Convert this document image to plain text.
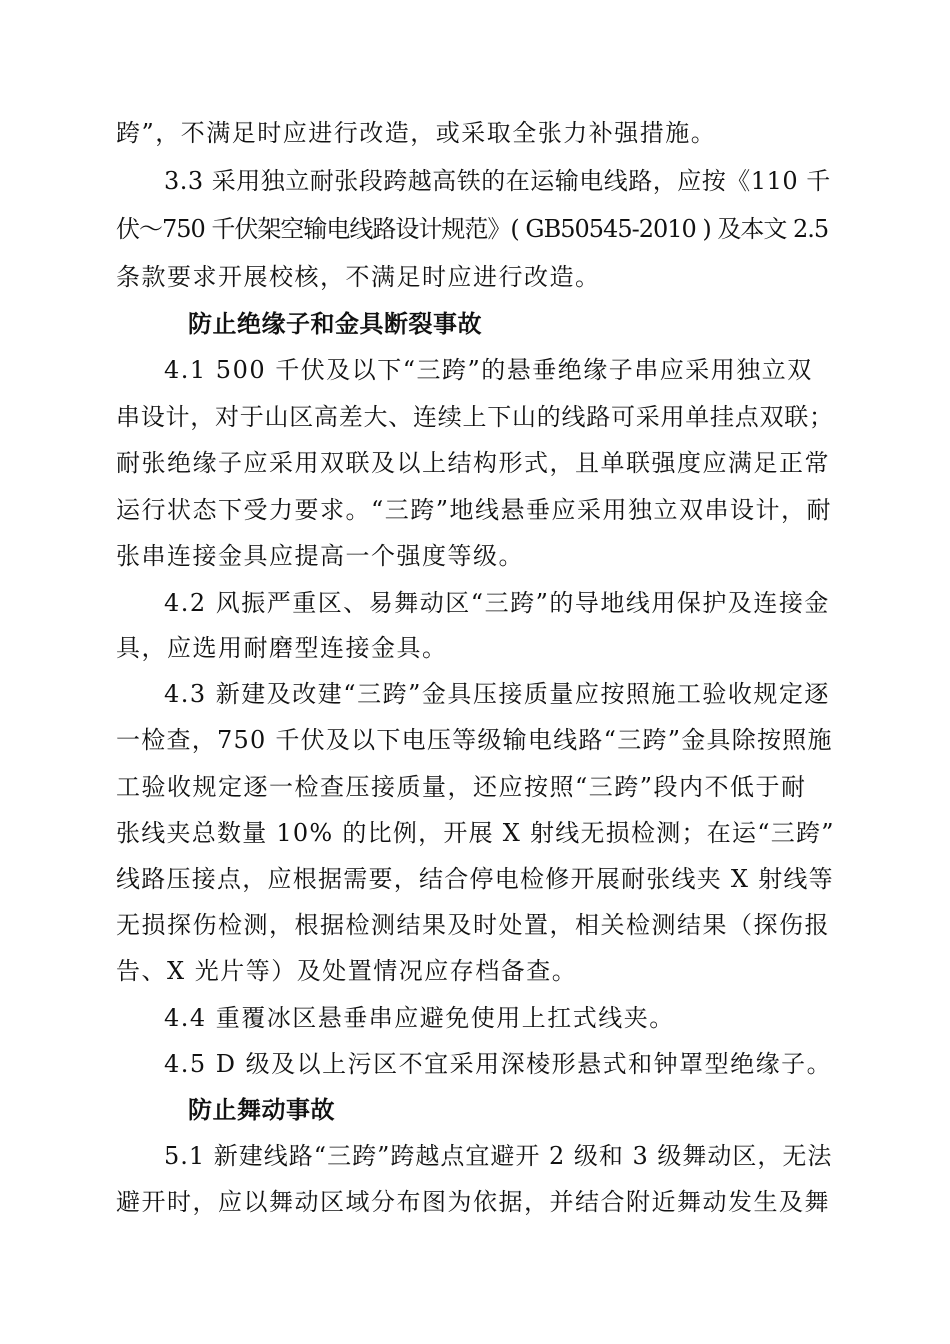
跨”，不满足时应进行改造，或采取全张力补强措施。
3.3 采用独立耐张段跨越高铁的在运输电线路，应按《110 千
伏～750 千伏架空输电线路设计规范》( GB50545-2010 ) 及本文 2.5
条款要求开展校核，不满足时应进行改造。
防止绝缘子和金具断裂事故
4.1 500 千伏及以下“三跨”的悬垂绝缘子串应采用独立双
串设计，对于山区高差大、连续上下山的线路可采用单挂点双联；
耐张绝缘子应采用双联及以上结构形式，且单联强度应满足正常
运行状态下受力要求。“三跨”地线悬垂应采用独立双串设计，耐
张串连接金具应提高一个强度等级。
4.2 风振严重区、易舞动区“三跨”的导地线用保护及连接金
具，应选用耐磨型连接金具。
4.3 新建及改建“三跨”金具压接质量应按照施工验收规定逐
一检查，750 千伏及以下电压等级输电线路“三跨”金具除按照施
工验收规定逐一检查压接质量，还应按照“三跨”段内不低于耐
张线夹总数量 10% 的比例，开展 X 射线无损检测；在运“三跨”
线路压接点，应根据需要，结合停电检修开展耐张线夹 X 射线等
无损探伤检测，根据检测结果及时处置，相关检测结果（探伤报
告、X 光片等）及处置情况应存档备查。
4.4 重覆冰区悬垂串应避免使用上扛式线夹。
4.5 D 级及以上污区不宜采用深棱形悬式和钟罩型绝缘子。
防止舞动事故
5.1 新建线路“三跨”跨越点宜避开 2 级和 3 级舞动区，无法
避开时，应以舞动区域分布图为依据，并结合附近舞动发生及舞
